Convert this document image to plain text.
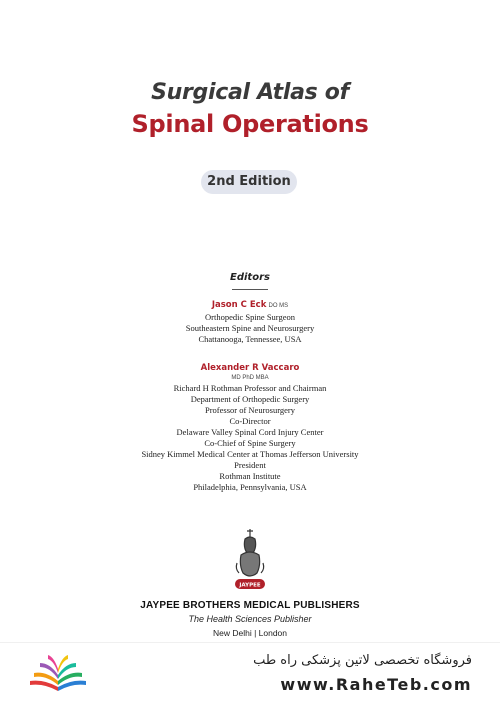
Surgical Atlas of
Spinal Operations
2nd Edition
Editors
Jason C Eck DO MS
Orthopedic Spine Surgeon
Southeastern Spine and Neurosurgery
Chattanooga, Tennessee, USA
Alexander R Vaccaro
MD PhD MBA
Richard H Rothman Professor and Chairman
Department of Orthopedic Surgery
Professor of Neurosurgery
Co-Director
Delaware Valley Spinal Cord Injury Center
Co-Chief of Spine Surgery
Sidney Kimmel Medical Center at Thomas Jefferson University
President
Rothman Institute
Philadelphia, Pennsylvania, USA
JAYPEE
JAYPEE BROTHERS MEDICAL PUBLISHERS
The Health Sciences Publisher
New Delhi | London
فروشگاه تخصصی لاتین پزشکی راه طب
www.RaheTeb.com
